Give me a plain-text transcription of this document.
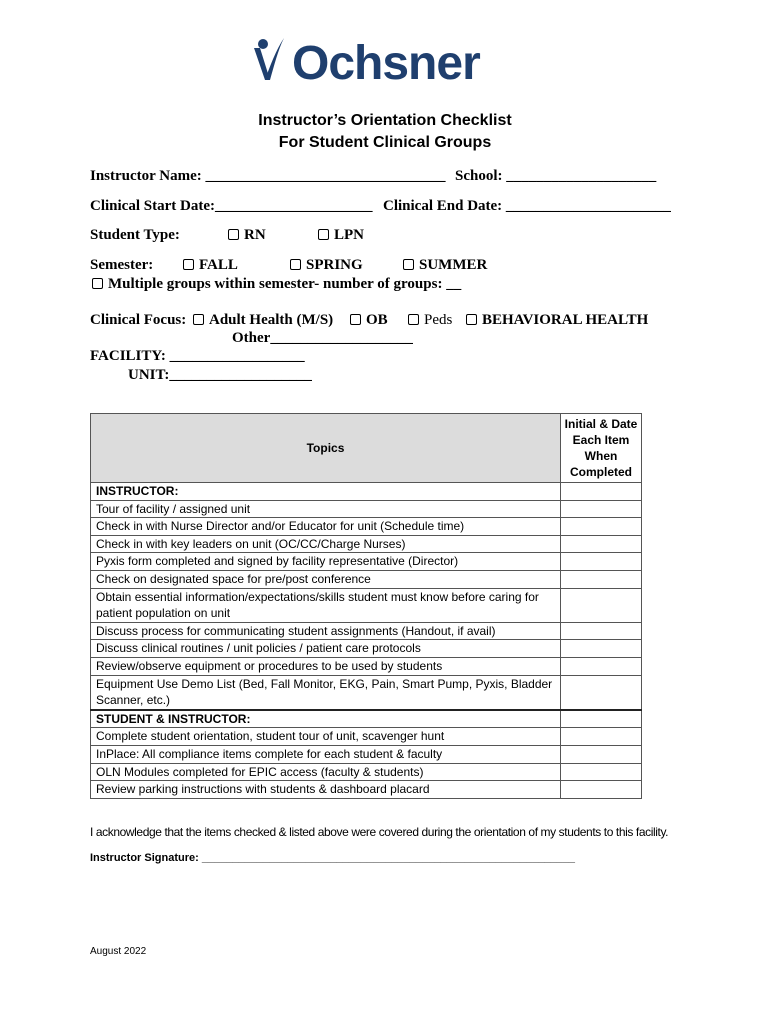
Ochsner
Instructor’s Orientation Checklist
For Student Clinical Groups
Instructor Name: ________________________________ School: ____________________
Clinical Start Date:_____________________ Clinical End Date: ______________________
Student Type:	RN	LPN
Semester:	FALL	SPRING	SUMMER
Multiple groups within semester- number of groups: __
Clinical Focus:	Adult Health (M/S)	OB	Peds	BEHAVIORAL HEALTH
Other___________________
FACILITY: __________________
UNIT:___________________
Topics	Initial & Date Each Item When Completed
INSTRUCTOR:	
Tour of facility / assigned unit	
Check in with Nurse Director and/or Educator for unit (Schedule time)	
Check in with key leaders on unit (OC/CC/Charge Nurses)	
Pyxis form completed and signed by facility representative (Director)	
Check on designated space for pre/post conference	
Obtain essential information/expectations/skills student must know before caring for patient population on unit	
Discuss process for communicating student assignments (Handout, if avail)	
Discuss clinical routines / unit policies / patient care protocols	
Review/observe equipment or procedures to be used by students	
Equipment Use Demo List (Bed, Fall Monitor, EKG, Pain, Smart Pump, Pyxis, Bladder Scanner, etc.)	
STUDENT & INSTRUCTOR:	
Complete student orientation, student tour of unit, scavenger hunt	
InPlace: All compliance items complete for each student & faculty	
OLN Modules completed for EPIC access (faculty & students)	
Review parking instructions with students & dashboard placard	
I acknowledge that the items checked & listed above were covered during the orientation of my students to this facility.
Instructor Signature: _____________________________________________________________
August 2022
